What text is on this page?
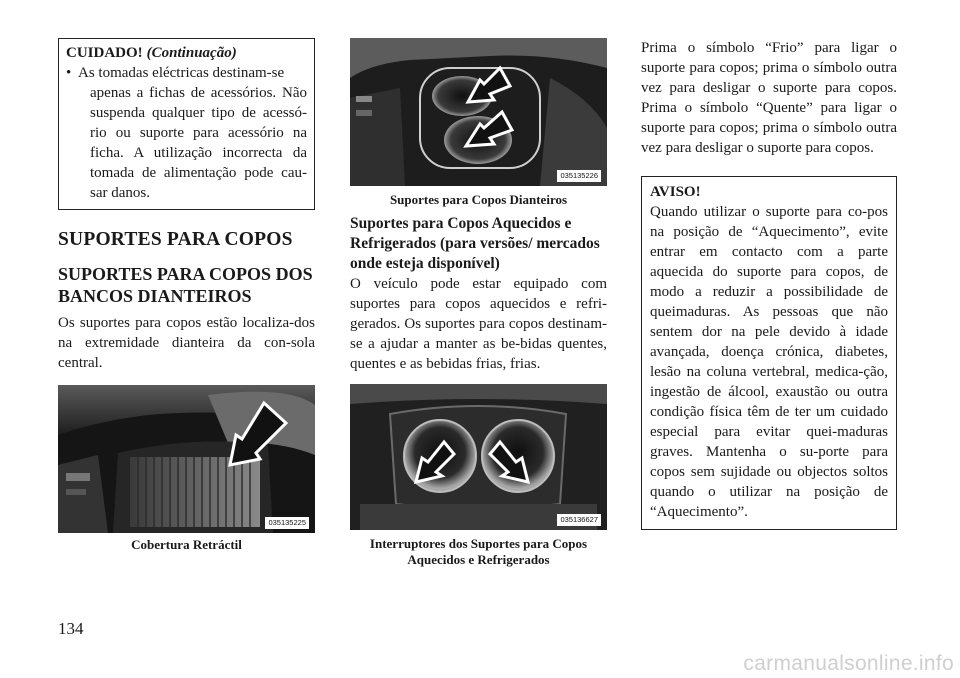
CUIDADO! (Continuação)
• As tomadas eléctricas destinam-se
apenas a fichas de acessórios. Não suspenda qualquer tipo de acessó-rio ou suporte para acessório na ficha. A utilização incorrecta da tomada de alimentação pode cau-sar danos.
SUPORTES PARA COPOS
SUPORTES PARA COPOS DOS BANCOS DIANTEIROS

Os suportes para copos estão localiza-dos na extremidade dianteira da con-sola central.

035135225
Cobertura Retráctil
035135226
Suportes para Copos Dianteiros
Suportes para Copos Aquecidos e Refrigerados (para versões/ mercados onde esteja disponível)

O veículo pode estar equipado com suportes para copos aquecidos e refri-gerados. Os suportes para copos destinam-se a ajudar a manter as be-bidas quentes, quentes e as bebidas frias, frias.

035136627
Interruptores dos Suportes para Copos Aquecidos e Refrigerados

Prima o símbolo “Frio” para ligar o suporte para copos; prima o símbolo outra vez para desligar o suporte para copos. Prima o símbolo “Quente” para ligar o suporte para copos; prima o símbolo outra vez para desligar o suporte para copos.

AVISO!

Quando utilizar o suporte para co-pos na posição de “Aquecimento”, evite entrar em contacto com a parte aquecida do suporte para copos, de modo a reduzir a possibilidade de queimaduras. As pessoas que não sentem dor na pele devido à idade avançada, doença crónica, diabetes, lesão na coluna vertebral, medica-ção, ingestão de álcool, exaustão ou outra condição física têm de ter um cuidado especial para evitar quei-maduras graves. Mantenha o su-porte para copos sem sujidade ou objectos soltos quando o utilizar na posição de “Aquecimento”.

134
carmanualsonline.info
